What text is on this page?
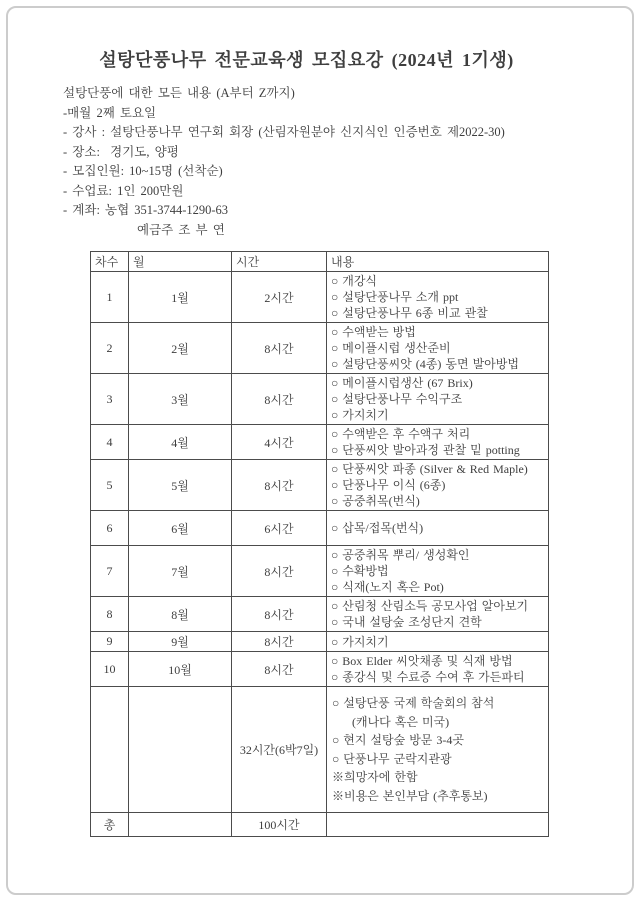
설탕단풍나무 전문교육생 모집요강 (2024년 1기생)
설탕단풍에 대한 모든 내용 (A부터 Z까지)
-매월 2째 토요일
- 강사 : 설탕단풍나무 연구회 회장 (산림자원분야 신지식인 인증번호 제2022-30)
- 장소:  경기도, 양평
- 모집인원: 10~15명 (선착순)
- 수업료: 1인 200만원
- 계좌: 농협 351-3744-1290-63
예금주 조 부 연
차수	월	시간	내용
1	1월	2시간	○ 개강식
○ 설탕단풍나무 소개 ppt
○ 설탕단풍나무 6종 비교 관찰

2	2월	8시간	○ 수액받는 방법
○ 메이플시럽 생산준비
○ 설탕단풍씨앗 (4종) 동면 발아방법

3	3월	8시간	○ 메이플시럽생산 (67 Brix)
○ 설탕단풍나무 수익구조
○ 가지치기

4	4월	4시간	○ 수액받은 후 수액구 처리
○ 단풍씨앗 발아과정 관찰 밑 potting

5	5월	8시간	○ 단풍씨앗 파종 (Silver & Red Maple)
○ 단풍나무 이식 (6종)
○ 공중취목(번식)

6	6월	6시간	○ 삽목/접목(번식)

7	7월	8시간	○ 공중취목 뿌리/ 생성확인
○ 수확방법
○ 식재(노지 혹은 Pot)

8	8월	8시간	○ 산림청 산림소득 공모사업 알아보기
○ 국내 설탕숲 조성단지 견학

9	9월	8시간	○ 가지치기

10	10월	8시간	○ Box Elder 씨앗채종 및 식재 방법
○ 종강식 및 수료증 수여 후 가든파티

		32시간(6박7일)	
○ 설탕단풍 국제 학술회의 참석
(캐나다 혹은 미국)
○ 현지 설탕숲 방문 3-4곳
○ 단풍나무 군락지관광
※희망자에 한함
※비용은 본인부담 (추후통보)

총		100시간	
